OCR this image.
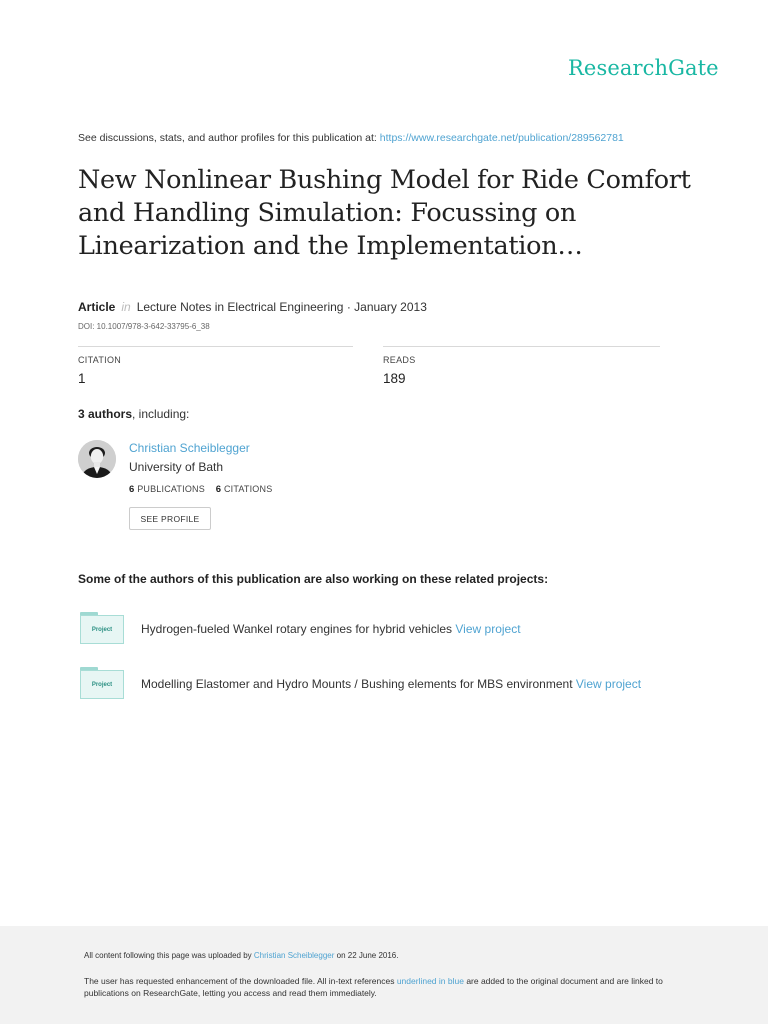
ResearchGate
See discussions, stats, and author profiles for this publication at: https://www.researchgate.net/publication/289562781
New Nonlinear Bushing Model for Ride Comfort
and Handling Simulation: Focussing on
Linearization and the Implementation…
Article in Lecture Notes in Electrical Engineering · January 2013
DOI: 10.1007/978-3-642-33795-6_38
CITATION
1
READS
189
3 authors, including:
Christian Scheiblegger
University of Bath
6 PUBLICATIONS 6 CITATIONS
SEE PROFILE
Some of the authors of this publication are also working on these related projects:
Project	Hydrogen-fueled Wankel rotary engines for hybrid vehicles View project
Project	Modelling Elastomer and Hydro Mounts / Bushing elements for MBS environment View project
All content following this page was uploaded by Christian Scheiblegger on 22 June 2016.
The user has requested enhancement of the downloaded file. All in-text references underlined in blue are added to the original document and are linked to publications on ResearchGate, letting you access and read them immediately.
